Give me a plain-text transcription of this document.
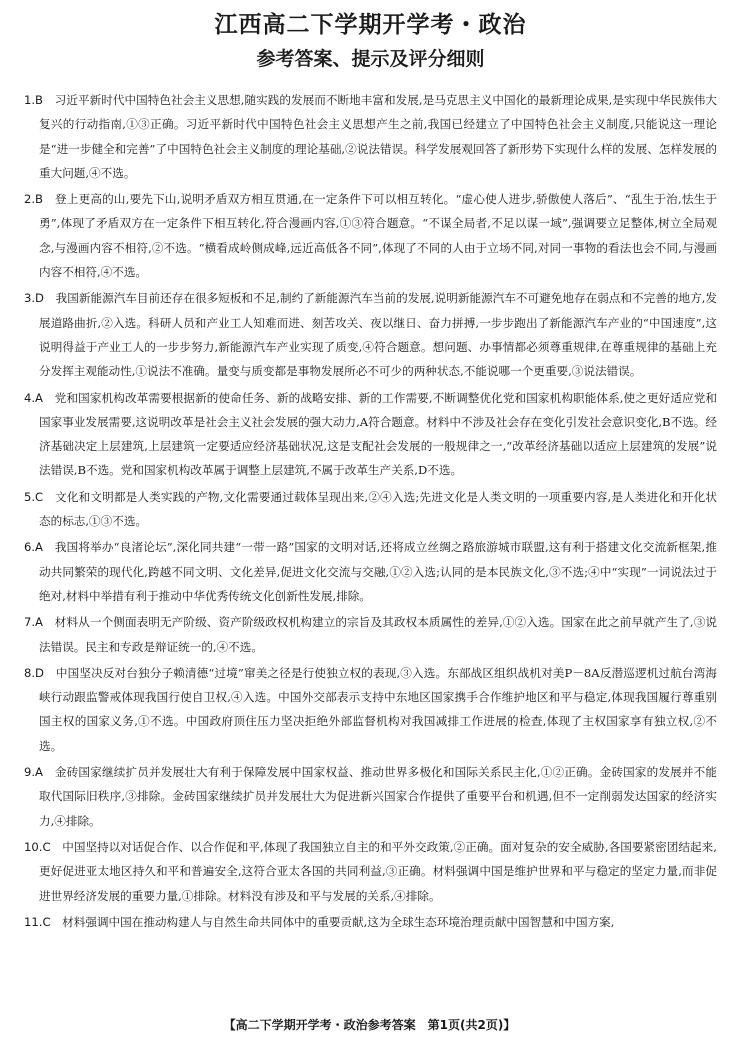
江西高二下学期开学考・政治
参考答案、提示及评分细则

1.B　 习近平新时代中国特色社会主义思想,随实践的发展而不断地丰富和发展,是马克思主义中国化的最新理论成果,是实现中华民族伟大复兴的行动指南,①③正确。习近平新时代中国特色社会主义思想产生之前,我国已经建立了中国特色社会主义制度,只能说这一理论是“进一步健全和完善”了中国特色社会主义制度的理论基础,②说法错误。科学发展观回答了新形势下实现什么样的发展、怎样发展的重大问题,④不选。

2.B　 登上更高的山,要先下山,说明矛盾双方相互贯通,在一定条件下可以相互转化。“虚心使人进步,骄傲使人落后”、“乱生于治,怯生于勇”,体现了矛盾双方在一定条件下相互转化,符合漫画内容,①③符合题意。“不谋全局者,不足以谋一域”,强调要立足整体,树立全局观念,与漫画内容不相符,②不选。“横看成岭侧成峰,远近高低各不同”,体现了不同的人由于立场不同,对同一事物的看法也会不同,与漫画内容不相符,④不选。

3.D　 我国新能源汽车目前还存在很多短板和不足,制约了新能源汽车当前的发展,说明新能源汽车不可避免地存在弱点和不完善的地方,发展道路曲折,②入选。科研人员和产业工人知难而进、刻苦攻关、夜以继日、奋力拼搏,一步步跑出了新能源汽车产业的“中国速度”,这说明得益于产业工人的一步步努力,新能源汽车产业实现了质变,④符合题意。想问题、办事情都必须尊重规律,在尊重规律的基础上充分发挥主观能动性,①说法不准确。量变与质变都是事物发展所必不可少的两种状态,不能说哪一个更重要,③说法错误。

4.A　 党和国家机构改革需要根据新的使命任务、新的战略安排、新的工作需要,不断调整优化党和国家机构职能体系,使之更好适应党和国家事业发展需要,这说明改革是社会主义社会发展的强大动力,A符合题意。材料中不涉及社会存在变化引发社会意识变化,B不选。经济基础决定上层建筑,上层建筑一定要适应经济基础状况,这是支配社会发展的一般规律之一,“改革经济基础以适应上层建筑的发展”说法错误,B不选。党和国家机构改革属于调整上层建筑,不属于改革生产关系,D不选。

5.C　 文化和文明都是人类实践的产物,文化需要通过载体呈现出来,②④入选;先进文化是人类文明的一项重要内容,是人类进化和开化状态的标志,①③不选。

6.A　 我国将举办“良渚论坛”,深化同共建“一带一路”国家的文明对话,还将成立丝绸之路旅游城市联盟,这有利于搭建文化交流新框架,推动共同繁荣的现代化,跨越不同文明、文化差异,促进文化交流与交融,①②入选;认同的是本民族文化,③不选;④中“实现”一词说法过于绝对,材料中举措有利于推动中华优秀传统文化创新性发展,排除。

7.A　 材料从一个侧面表明无产阶级、资产阶级政权机构建立的宗旨及其政权本质属性的差异,①②入选。国家在此之前早就产生了,③说法错误。民主和专政是辩证统一的,④不选。

8.D　 中国坚决反对台独分子赖清德“过境”窜美之径是行使独立权的表现,③入选。东部战区组织战机对美P－8A反潜巡逻机过航台湾海峡行动跟监警戒体现我国行使自卫权,④入选。中国外交部表示支持中东地区国家携手合作维护地区和平与稳定,体现我国履行尊重别国主权的国家义务,①不选。中国政府顶住压力坚决拒绝外部监督机构对我国减排工作进展的检查,体现了主权国家享有独立权,②不选。

9.A　 金砖国家继续扩员并发展壮大有利于保障发展中国家权益、推动世界多极化和国际关系民主化,①②正确。金砖国家的发展并不能取代国际旧秩序,③排除。金砖国家继续扩员并发展壮大为促进新兴国家合作提供了重要平台和机遇,但不一定削弱发达国家的经济实力,④排除。

10.C　 中国坚持以对话促合作、以合作促和平,体现了我国独立自主的和平外交政策,②正确。面对复杂的安全威胁,各国要紧密团结起来,更好促进亚太地区持久和平和普遍安全,这符合亚太各国的共同利益,③正确。材料强调中国是维护世界和平与稳定的坚定力量,而非促进世界经济发展的重要力量,①排除。材料没有涉及和平与发展的关系,④排除。

11.C　 材料强调中国在推动构建人与自然生命共同体中的重要贡献,这为全球生态环境治理贡献中国智慧和中国方案,

【高二下学期开学考・政治参考答案　第1页(共2页)】
